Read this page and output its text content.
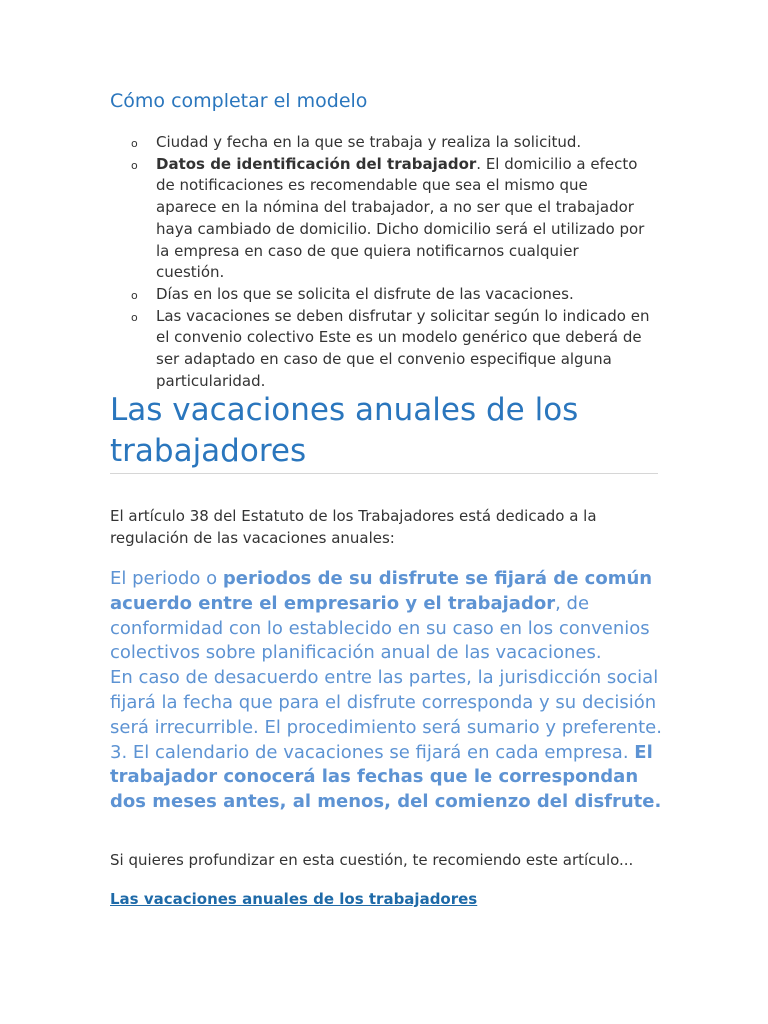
Cómo completar el modelo
o Ciudad y fecha en la que se trabaja y realiza la solicitud.
o Datos de identificación del trabajador. El domicilio a efecto de notificaciones es recomendable que sea el mismo que aparece en la nómina del trabajador, a no ser que el trabajador haya cambiado de domicilio. Dicho domicilio será el utilizado por la empresa en caso de que quiera notificarnos cualquier cuestión.
o Días en los que se solicita el disfrute de las vacaciones.
o Las vacaciones se deben disfrutar y solicitar según lo indicado en el convenio colectivo Este es un modelo genérico que deberá de ser adaptado en caso de que el convenio especifique alguna particularidad.
Las vacaciones anuales de los trabajadores

El artículo 38 del Estatuto de los Trabajadores está dedicado a la regulación de las vacaciones anuales:

El periodo o periodos de su disfrute se fijará de común acuerdo entre el empresario y el trabajador, de conformidad con lo establecido en su caso en los convenios colectivos sobre planificación anual de las vacaciones.
En caso de desacuerdo entre las partes, la jurisdicción social fijará la fecha que para el disfrute corresponda y su decisión será irrecurrible. El procedimiento será sumario y preferente.
3. El calendario de vacaciones se fijará en cada empresa. El trabajador conocerá las fechas que le correspondan dos meses antes, al menos, del comienzo del disfrute.

Si quieres profundizar en esta cuestión, te recomiendo este artículo...

Las vacaciones anuales de los trabajadores
